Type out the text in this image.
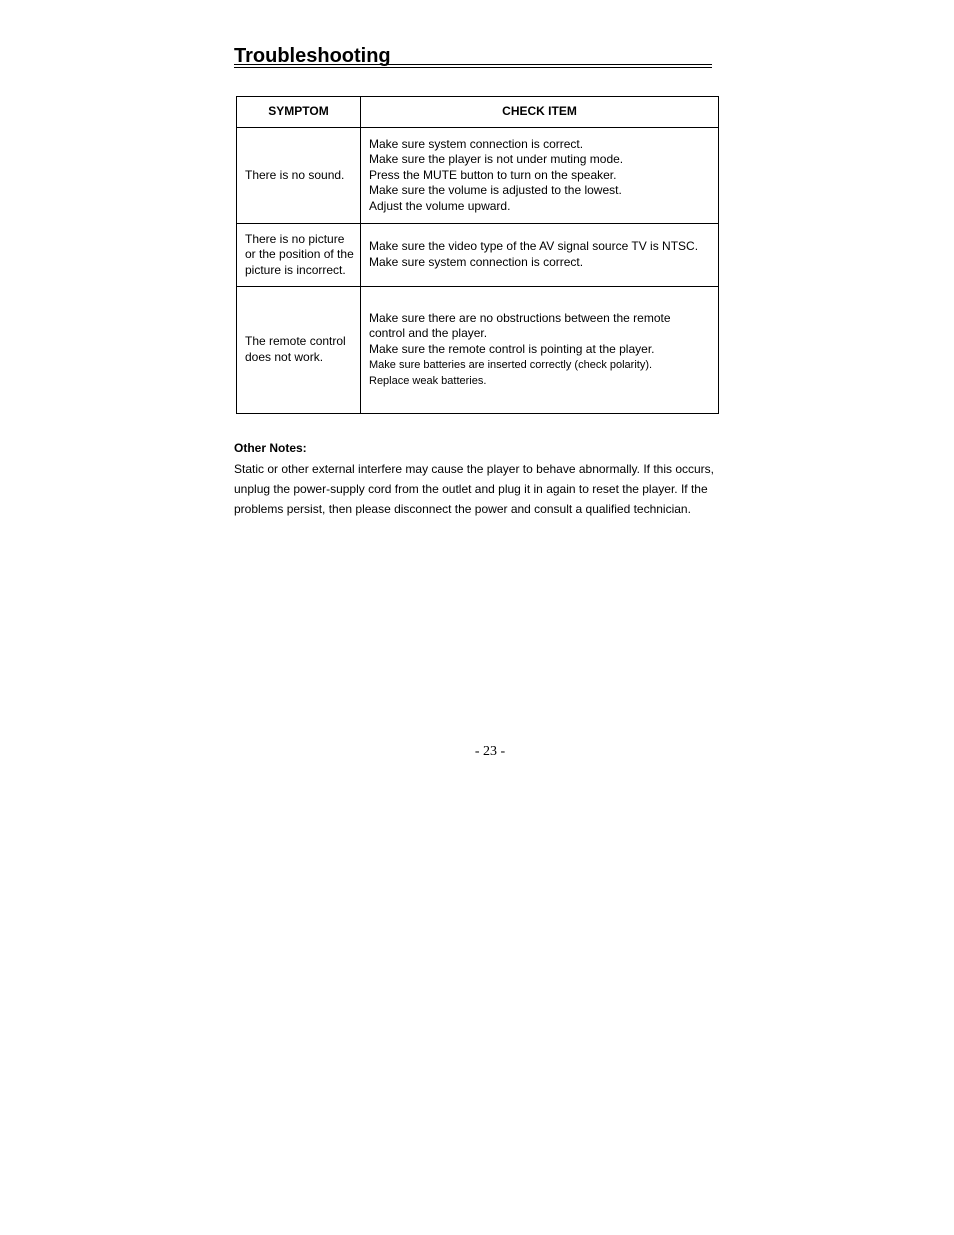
Troubleshooting
SYMPTOM	CHECK ITEM
There is no sound.	Make sure system connection is correct.
Make sure the player is not under muting mode.
Press the MUTE button to turn on the speaker.
Make sure the volume is adjusted to the lowest.
Adjust the volume upward.

There is no picture or the position of the picture is incorrect.	Make sure the video type of the AV signal source TV is NTSC.
Make sure system connection is correct.

The remote control does not work.	Make sure there are no obstructions between the remote control and the player.
Make sure the remote control is pointing at the player.
Make sure batteries are inserted correctly (check polarity).
Replace weak batteries.
Other Notes:

Static or other external interfere may cause the player to behave abnormally. If this occurs, unplug the power-supply cord from the outlet and plug it in again to reset the player. If the problems persist, then please disconnect the power and consult a qualified technician.

- 23 -
